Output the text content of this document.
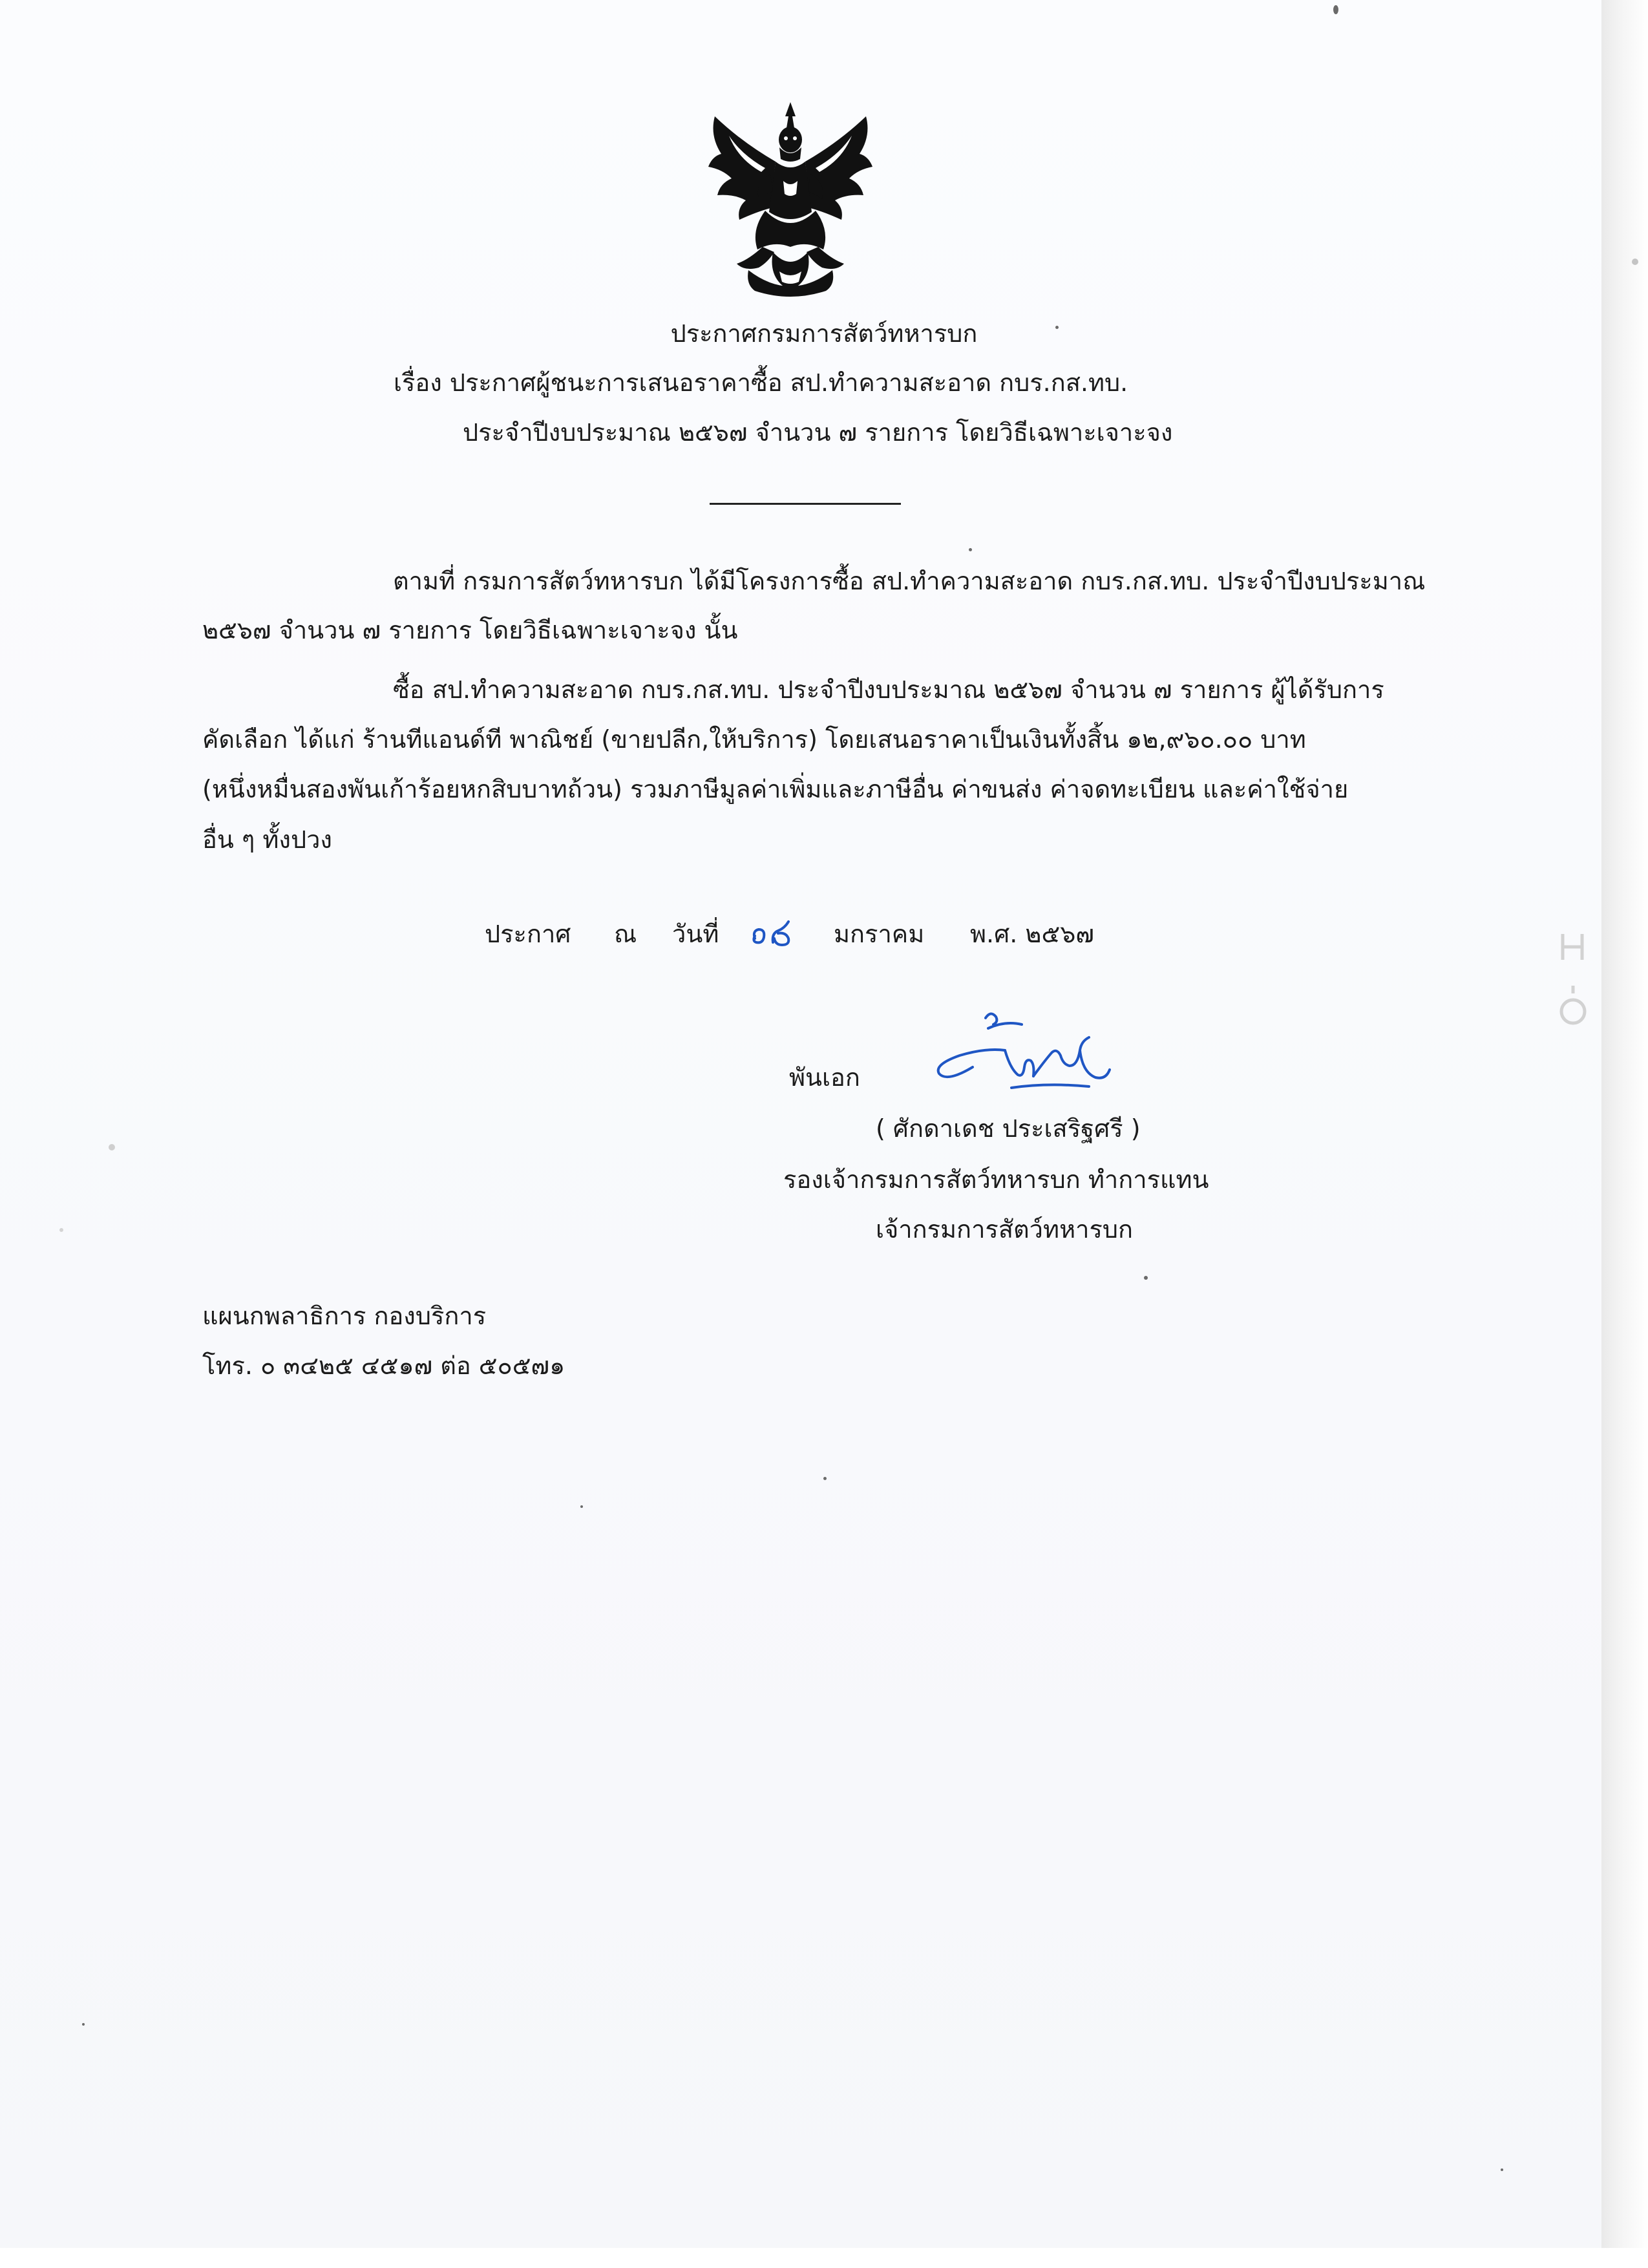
ประกาศกรมการสัตว์ทหารบก
เรื่อง ประกาศผู้ชนะการเสนอราคาซื้อ สป.ทำความสะอาด กบร.กส.ทบ.
ประจำปีงบประมาณ ๒๕๖๗ จำนวน ๗ รายการ โดยวิธีเฉพาะเจาะจง
ตามที่ กรมการสัตว์ทหารบก ได้มีโครงการซื้อ สป.ทำความสะอาด กบร.กส.ทบ. ประจำปีงบประมาณ
๒๕๖๗ จำนวน ๗ รายการ โดยวิธีเฉพาะเจาะจง นั้น
ซื้อ สป.ทำความสะอาด กบร.กส.ทบ. ประจำปีงบประมาณ ๒๕๖๗ จำนวน ๗ รายการ ผู้ได้รับการ
คัดเลือก ได้แก่ ร้านทีแอนด์ที พาณิชย์ (ขายปลีก,ให้บริการ) โดยเสนอราคาเป็นเงินทั้งสิ้น ๑๒,๙๖๐.๐๐ บาท
(หนึ่งหมื่นสองพันเก้าร้อยหกสิบบาทถ้วน) รวมภาษีมูลค่าเพิ่มและภาษีอื่น ค่าขนส่ง ค่าจดทะเบียน และค่าใช้จ่าย
อื่น ๆ ทั้งปวง
ประกาศ ณ วันที่	มกราคม พ.ศ. ๒๕๖๗
พันเอก
( ศักดาเดช ประเสริฐศรี )
รองเจ้ากรมการสัตว์ทหารบก ทำการแทน
เจ้ากรมการสัตว์ทหารบก
แผนกพลาธิการ กองบริการ
โทร. ๐ ๓๔๒๕ ๔๕๑๗ ต่อ ๕๐๕๗๑
